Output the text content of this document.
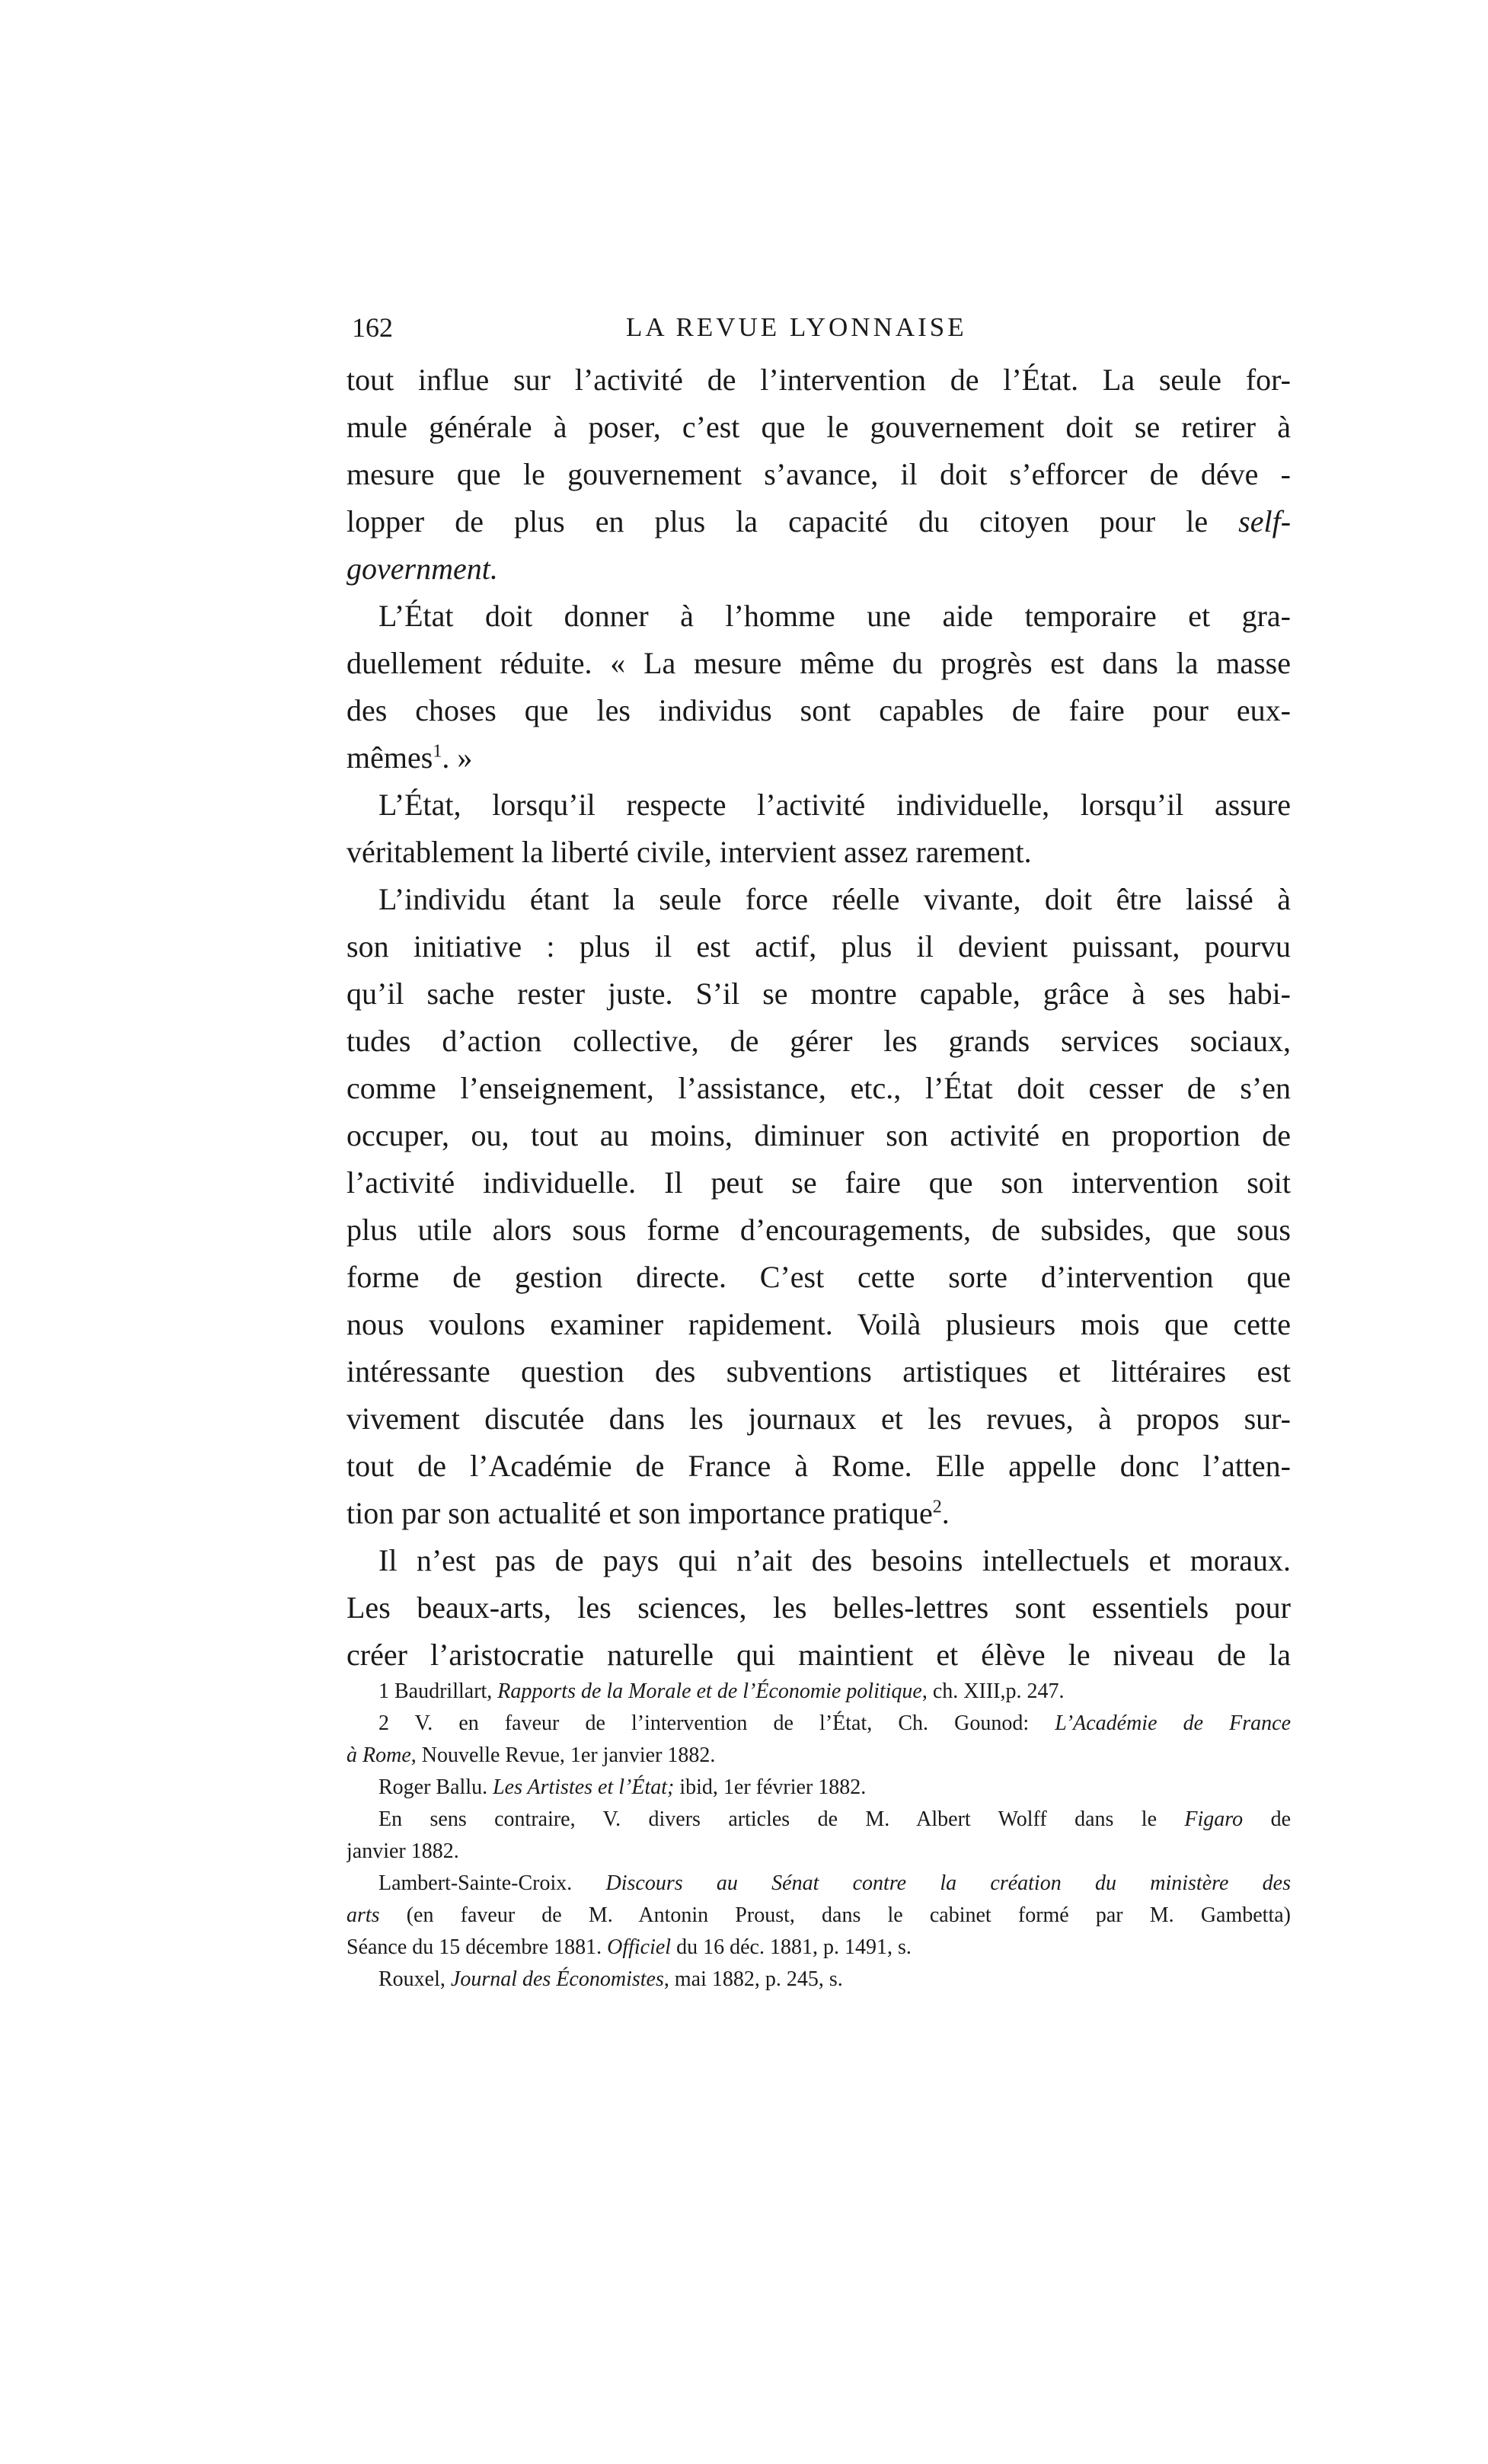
162	LA REVUE LYONNAISE
tout influe sur l’activité de l’intervention de l’État. La seule for-
mule générale à poser, c’est que le gouvernement doit se retirer à
mesure que le gouvernement s’avance, il doit s’efforcer de déve -
lopper de plus en plus la capacité du citoyen pour le self-
government.
L’État doit donner à l’homme une aide temporaire et gra-
duellement réduite. « La mesure même du progrès est dans la masse
des choses que les individus sont capables de faire pour eux-
mêmes$^1$. »
L’État, lorsqu’il respecte l’activité individuelle, lorsqu’il assure
véritablement la liberté civile, intervient assez rarement.
L’individu étant la seule force réelle vivante, doit être laissé à
son initiative : plus il est actif, plus il devient puissant, pourvu
qu’il sache rester juste. S’il se montre capable, grâce à ses habi-
tudes d’action collective, de gérer les grands services sociaux,
comme l’enseignement, l’assistance, etc., l’État doit cesser de s’en
occuper, ou, tout au moins, diminuer son activité en proportion de
l’activité individuelle. Il peut se faire que son intervention soit
plus utile alors sous forme d’encouragements, de subsides, que sous
forme de gestion directe. C’est cette sorte d’intervention que
nous voulons examiner rapidement. Voilà plusieurs mois que cette
intéressante question des subventions artistiques et littéraires est
vivement discutée dans les journaux et les revues, à propos sur-
tout de l’Académie de France à Rome. Elle appelle donc l’atten-
tion par son actualité et son importance pratique$^2$.
Il n’est pas de pays qui n’ait des besoins intellectuels et moraux.
Les beaux-arts, les sciences, les belles-lettres sont essentiels pour
créer l’aristocratie naturelle qui maintient et élève le niveau de la
1 Baudrillart, Rapports de la Morale et de l’Économie politique, ch. XIII,p. 247.
2 V. en faveur de l’intervention de l’État, Ch. Gounod: L’Académie de France
à Rome, Nouvelle Revue, 1er janvier 1882.
Roger Ballu. Les Artistes et l’État; ibid, 1er février 1882.
En sens contraire, V. divers articles de M. Albert Wolff dans le Figaro de
janvier 1882.
Lambert-Sainte-Croix. Discours au Sénat contre la création du ministère des
arts (en faveur de M. Antonin Proust, dans le cabinet formé par M. Gambetta)
Séance du 15 décembre 1881. Officiel du 16 déc. 1881, p. 1491, s.
Rouxel, Journal des Économistes, mai 1882, p. 245, s.
